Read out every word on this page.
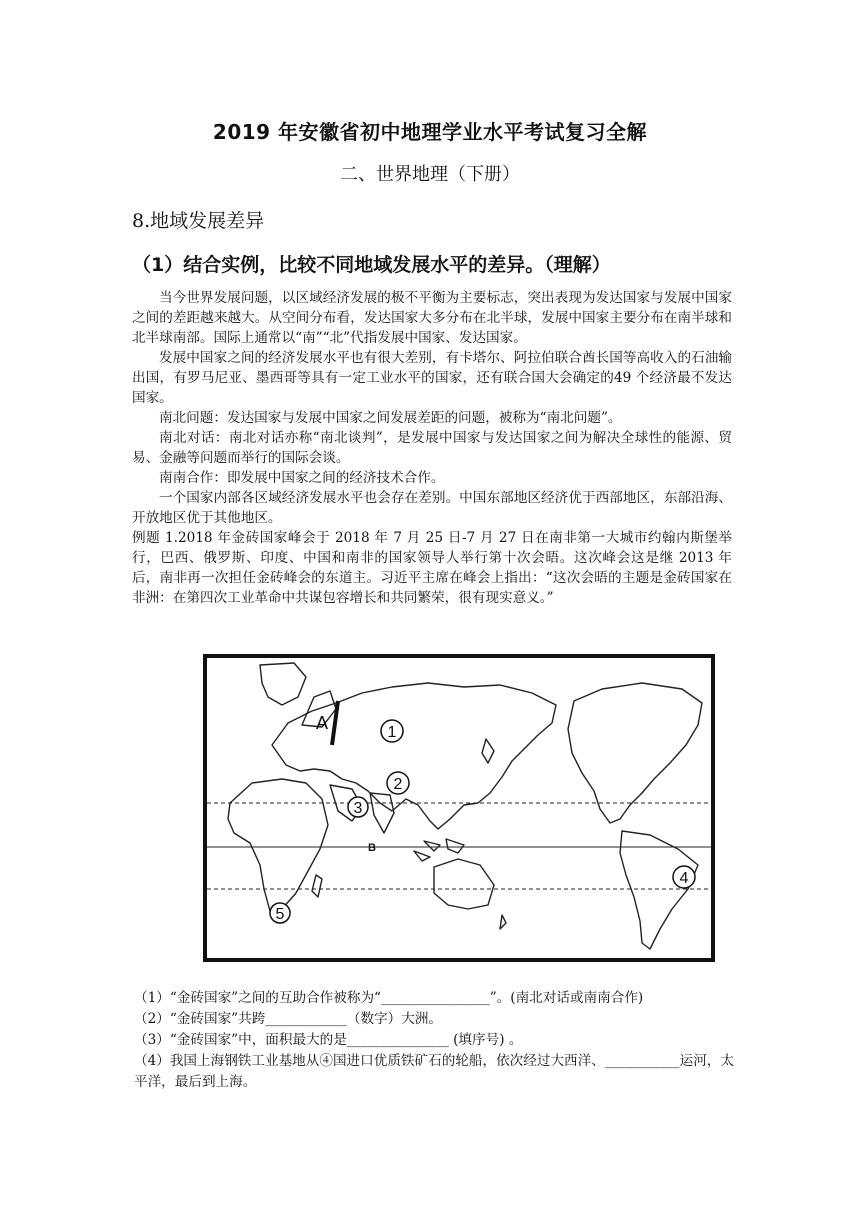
2019 年安徽省初中地理学业水平考试复习全解
二、世界地理（下册）
8.地域发展差异
（1）结合实例，比较不同地域发展水平的差异。（理解）

当今世界发展问题，以区域经济发展的极不平衡为主要标志，突出表现为发达国家与发展中国家之间的差距越来越大。从空间分布看，发达国家大多分布在北半球，发展中国家主要分布在南半球和北半球南部。国际上通常以“南”“北”代指发展中国家、发达国家。

发展中国家之间的经济发展水平也有很大差别，有卡塔尔、阿拉伯联合酋长国等高收入的石油输出国，有罗马尼亚、墨西哥等具有一定工业水平的国家，还有联合国大会确定的49 个经济最不发达国家。

南北问题：发达国家与发展中国家之间发展差距的问题，被称为“南北问题”。

南北对话：南北对话亦称“南北谈判”，是发展中国家与发达国家之间为解决全球性的能源、贸易、金融等问题而举行的国际会谈。

南南合作：即发展中国家之间的经济技术合作。

一个国家内部各区域经济发展水平也会存在差别。中国东部地区经济优于西部地区，东部沿海、开放地区优于其他地区。

例题 1.2018 年金砖国家峰会于 2018 年 7 月 25 日-7 月 27 日在南非第一大城市约翰内斯堡举行，巴西、俄罗斯、印度、中国和南非的国家领导人举行第十次会晤。这次峰会这是继 2013 年后，南非再一次担任金砖峰会的东道主。习近平主席在峰会上指出：“这次会晤的主题是金砖国家在非洲：在第四次工业革命中共谋包容增长和共同繁荣，很有现实意义。”

A
B
1
2
3
4
5

（1）“金砖国家”之间的互助合作被称为“________________”。(南北对话或南南合作)

（2）“金砖国家”共跨____________（数字）大洲。

（3）“金砖国家”中，面积最大的是_______________ (填序号) 。

（4）我国上海钢铁工业基地从④国进口优质铁矿石的轮船，依次经过大西洋、___________运河，太平洋，最后到上海。
